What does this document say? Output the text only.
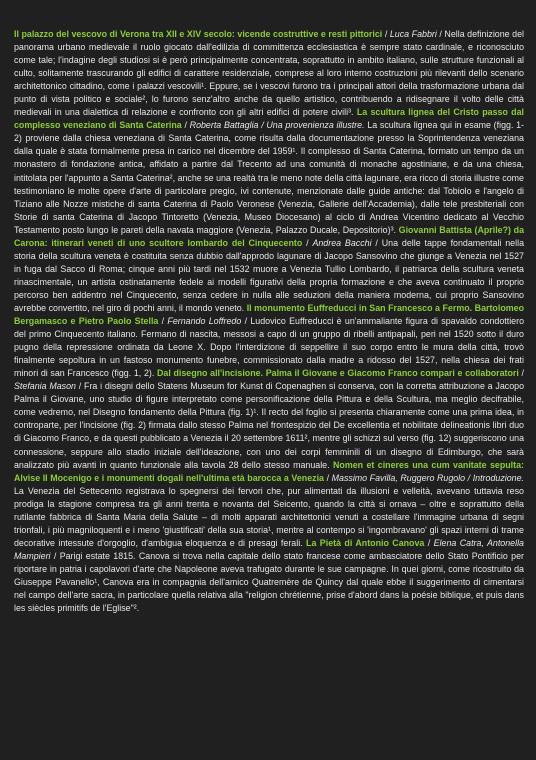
Il palazzo del vescovo di Verona tra XII e XIV secolo: vicende costruttive e resti pittorici / Luca Fabbri / Nella definizione del panorama urbano medievale il ruolo giocato dall'edilizia di committenza ecclesiastica è sempre stato cardinale, e riconosciuto come tale; l'indagine degli studiosi si è però principalmente concentrata, soprattutto in ambito italiano, sulle strutture funzionali al culto, solitamente trascurando gli edifici di carattere residenziale, comprese al loro interno costruzioni più rilevanti dello scenario architettonico cittadino, come i palazzi vescovili¹. Eppure, se i vescovi furono tra i principali attori della trasformazione urbana dal punto di vista politico e sociale², lo furono senz'altro anche da quello artistico, contribuendo a ridisegnare il volto delle città medievali in una dialettica di relazione e confronto con gli altri edifici di potere civili³. La scultura lignea del Cristo passo dal complesso veneziano di Santa Caterina / Roberta Battaglia / Una provenienza illustre. La scultura lignea qui in esame (figg. 1-2) proviene dalla chiesa veneziana di Santa Caterina, come risulta dalla documentazione presso la Soprintendenza veneziana dalla quale è stata formalmente presa in carico nel dicembre del 1959¹. Il complesso di Santa Caterina, formato un tempo da un monastero di fondazione antica, affidato a partire dal Trecento ad una comunità di monache agostiniane, e da una chiesa, intitolata per l'appunto a Santa Caterina², anche se una realtà tra le meno note della città lagunare, era ricco di storia illustre come testimoniano le molte opere d'arte di particolare pregio, ivi contenute, menzionate dalle guide antiche: dal Tobiolo e l'angelo di Tiziano alle Nozze mistiche di santa Caterina di Paolo Veronese (Venezia, Gallerie dell'Accademia), dalle tele presbiteriali con Storie di santa Caterina di Jacopo Tintoretto (Venezia, Museo Diocesano) al ciclo di Andrea Vicentino dedicato al Vecchio Testamento posto lungo le pareti della navata maggiore (Venezia, Palazzo Ducale, Depositorio)³. Giovanni Battista (Aprile?) da Carona: itinerari veneti di uno scultore lombardo del Cinquecento / Andrea Bacchi / Una delle tappe fondamentali nella storia della scultura veneta è costituita senza dubbio dall'approdo lagunare di Jacopo Sansovino che giunge a Venezia nel 1527 in fuga dal Sacco di Roma; cinque anni più tardi nel 1532 muore a Venezia Tullio Lombardo, il patriarca della scultura veneta rinascimentale, un artista ostinatamente fedele ai modelli figurativi della propria formazione e che aveva continuato il proprio percorso ben addentro nel Cinquecento, senza cedere in nulla alle seduzioni della maniera moderna, cui proprio Sansovino avrebbe convertito, nel giro di pochi anni, il mondo veneto. Il monumento Euffreducci in San Francesco a Fermo. Bartolomeo Bergamasco e Pietro Paolo Stella / Fernando Loffredo / Ludovico Euffreducci è un'ammaliante figura di spavaldo condottiero del primo Cinquecento italiano. Fermano di nascita, messosi a capo di un gruppo di ribelli antipapali, peri nel 1520 sotto il duro pugno della repressione ordinata da Leone X. Dopo l'interdizione di seppellire il suo corpo entro le mura della città, trovò finalmente sepoltura in un fastoso monumento funebre, commissionato dalla madre a ridosso del 1527, nella chiesa dei frati minori di san Francesco (figg. 1, 2). Dal disegno all'incisione. Palma il Giovane e Giacomo Franco compari e collaboratori / Stefania Mason / Fra i disegni dello Statens Museum for Kunst di Copenaghen si conserva, con la corretta attribuzione a Jacopo Palma il Giovane, uno studio di figure interpretato come personificazione della Pittura e della Scultura, ma meglio decifrabile, come vedremo, nel Disegno fondamento della Pittura (fig. 1)¹. Il recto del foglio si presenta chiaramente come una prima idea, in controparte, per l'incisione (fig. 2) firmata dallo stesso Palma nel frontespizio del De excellentia et nobilitate delineationis libri duo di Giacomo Franco, e da questi pubblicato a Venezia il 20 settembre 1611², mentre gli schizzi sul verso (fig. 12) suggeriscono una connessione, seppure allo stadio iniziale dell'ideazione, con uno dei corpi femminili di un disegno di Edimburgo, che sarà analizzato più avanti in quanto funzionale alla tavola 28 dello stesso manuale. Nomen et cineres una cum vanitate sepulta: Alvise II Mocenigo e i monumenti dogali nell'ultima età barocca a Venezia / Massimo Favilla, Ruggero Rugolo / Introduzione. La Venezia del Settecento registrava lo spegnersi dei fervori che, pur alimentati da illusioni e velleità, avevano tuttavia reso prodiga la stagione compresa tra gli anni trenta e novanta del Seicento, quando la città si ornava – oltre e soprattutto della rutilante fabbrica di Santa Maria della Salute – di molti apparati architettonici venuti a costellare l'immagine urbana di segni trionfali, i più magniloquenti e i meno 'giustificati' della sua storia¹, mentre al contempo si 'ingombravano' gli spazi interni di trame decorative intessute d'orgoglio, d'ambigua eloquenza e di presagi ferali. La Pietà di Antonio Canova / Elena Catra, Antonella Mampieri / Parigi estate 1815. Canova si trova nella capitale dello stato francese come ambasciatore dello Stato Pontificio per riportare in patria i capolavori d'arte che Napoleone aveva trafugato durante le sue campagne. In quei giorni, come ricostruito da Giuseppe Pavanello¹, Canova era in compagnia dell'amico Quatremère de Quincy dal quale ebbe il suggerimento di cimentarsi nel campo dell'arte sacra, in particolare quella relativa alla "religion chrétienne, prise d'abord dans la poésie biblique, et puis dans les siècles primitifs de l'Eglise"².
